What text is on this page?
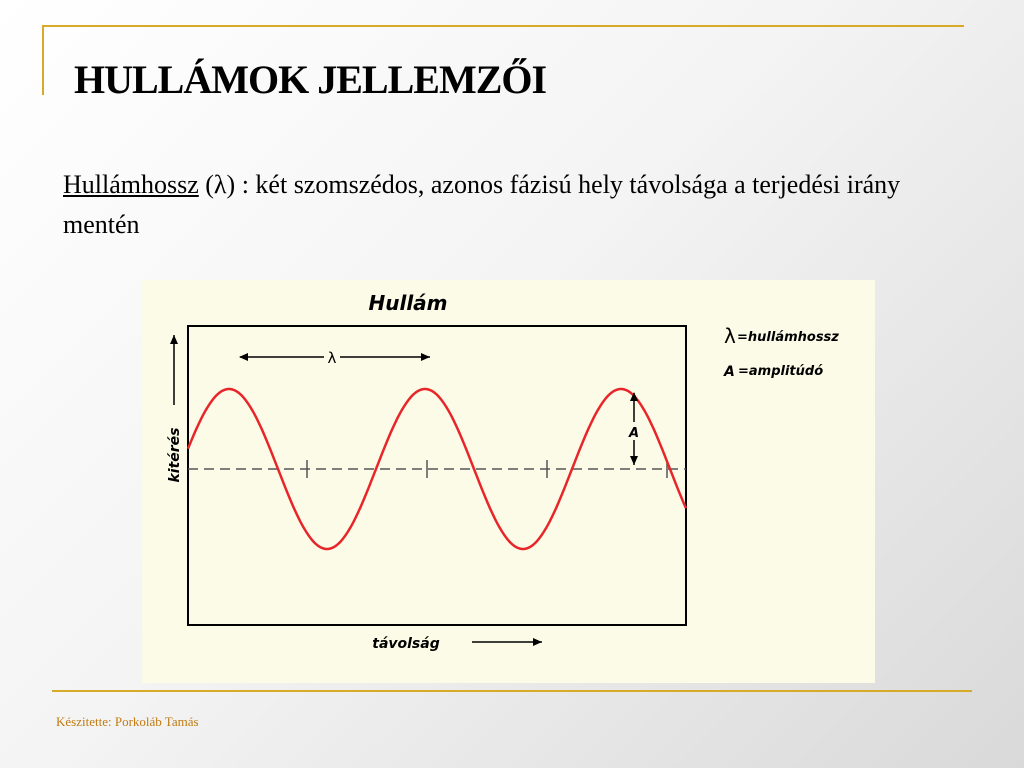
HULLÁMOK JELLEMZŐI
Hullámhossz (λ) : két szomszédos, azonos fázisú hely távolsága a terjedési irány mentén
Hullám
λ
A
kitérés
távolság
λ =hullámhossz
A =amplitúdó
Készitette: Porkoláb Tamás
